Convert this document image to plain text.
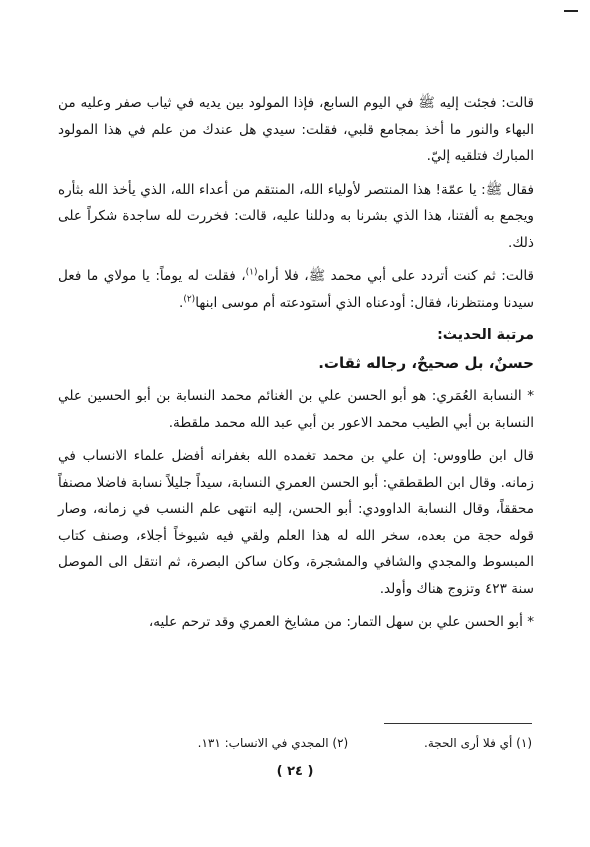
قالت: فجئت إليه ﷺ في اليوم السابع، فإذا المولود بين يديه في ثياب صفر وعليه من البهاء والنور ما أخذ بمجامع قلبي، فقلت: سيدي هل عندك من علم في هذا المولود المبارك فتلقيه إليّ.

فقال ﷺ: يا عمّة! هذا المنتصر لأولياء الله، المنتقم من أعداء الله، الذي يأخذ الله بثأره ويجمع به ألفتنا، هذا الذي بشرنا به ودللنا عليه، قالت: فخررت لله ساجدة شكراً على ذلك.

قالت: ثم كنت أتردد على أبي محمد ﷺ، فلا أراه$^{(١)}$، فقلت له يوماً: يا مولاي ما فعل سيدنا ومنتظرنا، فقال: أودعناه الذي أستودعته أم موسى ابنها$^{(٢)}$.

مرتبة الحديث:
حسنٌ، بل صحيحٌ، رجاله ثقات.

* النسابة العُمَري: هو أبو الحسن علي بن الغنائم محمد النسابة بن أبو الحسين علي النسابة بن أبي الطيب محمد الاعور بن أبي عبد الله محمد ملقطة.

قال ابن طاووس: إن علي بن محمد تغمده الله بغفرانه أفضل علماء الانساب في زمانه. وقال ابن الطقطقي: أبو الحسن العمري النسابة، سيداً جليلاً نسابة فاضلا مصنفاً محققاً، وقال النسابة الداوودي: أبو الحسن، إليه انتهى علم النسب في زمانه، وصار قوله حجة من بعده، سخر الله له هذا العلم ولقي فيه شيوخاً أجلاء، وصنف كتاب المبسوط والمجدي والشافي والمشجرة، وكان ساكن البصرة، ثم انتقل الى الموصل سنة ٤٢٣ وتزوج هناك وأولد.

* أبو الحسن علي بن سهل التمار: من مشايخ العمري وقد ترحم عليه،

(١) أي فلا أرى الحجة. (٢) المجدي في الانساب: ١٣١.
( ٢٤ )
